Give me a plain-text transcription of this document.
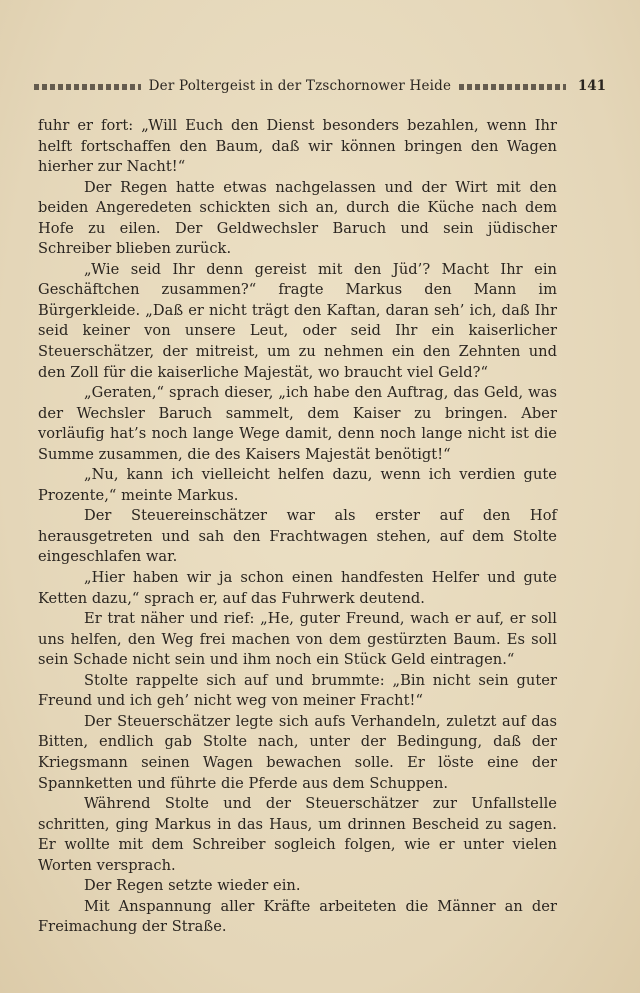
Der Poltergeist in der Tzschornower Heide	141

fuhr er fort: „Will Euch den Dienst besonders bezahlen, wenn Ihr helft fortschaffen den Baum, daß wir können bringen den Wagen hierher zur Nacht!“

Der Regen hatte etwas nachgelassen und der Wirt mit den beiden Angeredeten schickten sich an, durch die Küche nach dem Hofe zu eilen. Der Geldwechsler Baruch und sein jüdischer Schreiber blieben zurück.

„Wie seid Ihr denn gereist mit den Jüd’? Macht Ihr ein Geschäftchen zusammen?“ fragte Markus den Mann im Bürgerkleide. „Daß er nicht trägt den Kaftan, daran seh’ ich, daß Ihr seid keiner von unsere Leut, oder seid Ihr ein kaiserlicher Steuerschätzer, der mitreist, um zu nehmen ein den Zehnten und den Zoll für die kaiserliche Majestät, wo braucht viel Geld?“

„Geraten,“ sprach dieser, „ich habe den Auftrag, das Geld, was der Wechsler Baruch sammelt, dem Kaiser zu bringen. Aber vorläufig hat’s noch lange Wege damit, denn noch lange nicht ist die Summe zusammen, die des Kaisers Majestät benötigt!“

„Nu, kann ich vielleicht helfen dazu, wenn ich verdien gute Prozente,“ meinte Markus.

Der Steuereinschätzer war als erster auf den Hof herausgetreten und sah den Frachtwagen stehen, auf dem Stolte eingeschlafen war.

„Hier haben wir ja schon einen handfesten Helfer und gute Ketten dazu,“ sprach er, auf das Fuhrwerk deutend.

Er trat näher und rief: „He, guter Freund, wach er auf, er soll uns helfen, den Weg frei machen von dem gestürzten Baum. Es soll sein Schade nicht sein und ihm noch ein Stück Geld eintragen.“

Stolte rappelte sich auf und brummte: „Bin nicht sein guter Freund und ich geh’ nicht weg von meiner Fracht!“

Der Steuerschätzer legte sich aufs Verhandeln, zuletzt auf das Bitten, endlich gab Stolte nach, unter der Bedingung, daß der Kriegsmann seinen Wagen bewachen solle. Er löste eine der Spannketten und führte die Pferde aus dem Schuppen.

Während Stolte und der Steuerschätzer zur Unfallstelle schritten, ging Markus in das Haus, um drinnen Bescheid zu sagen. Er wollte mit dem Schreiber sogleich folgen, wie er unter vielen Worten versprach.

Der Regen setzte wieder ein.

Mit Anspannung aller Kräfte arbeiteten die Männer an der Freimachung der Straße.
